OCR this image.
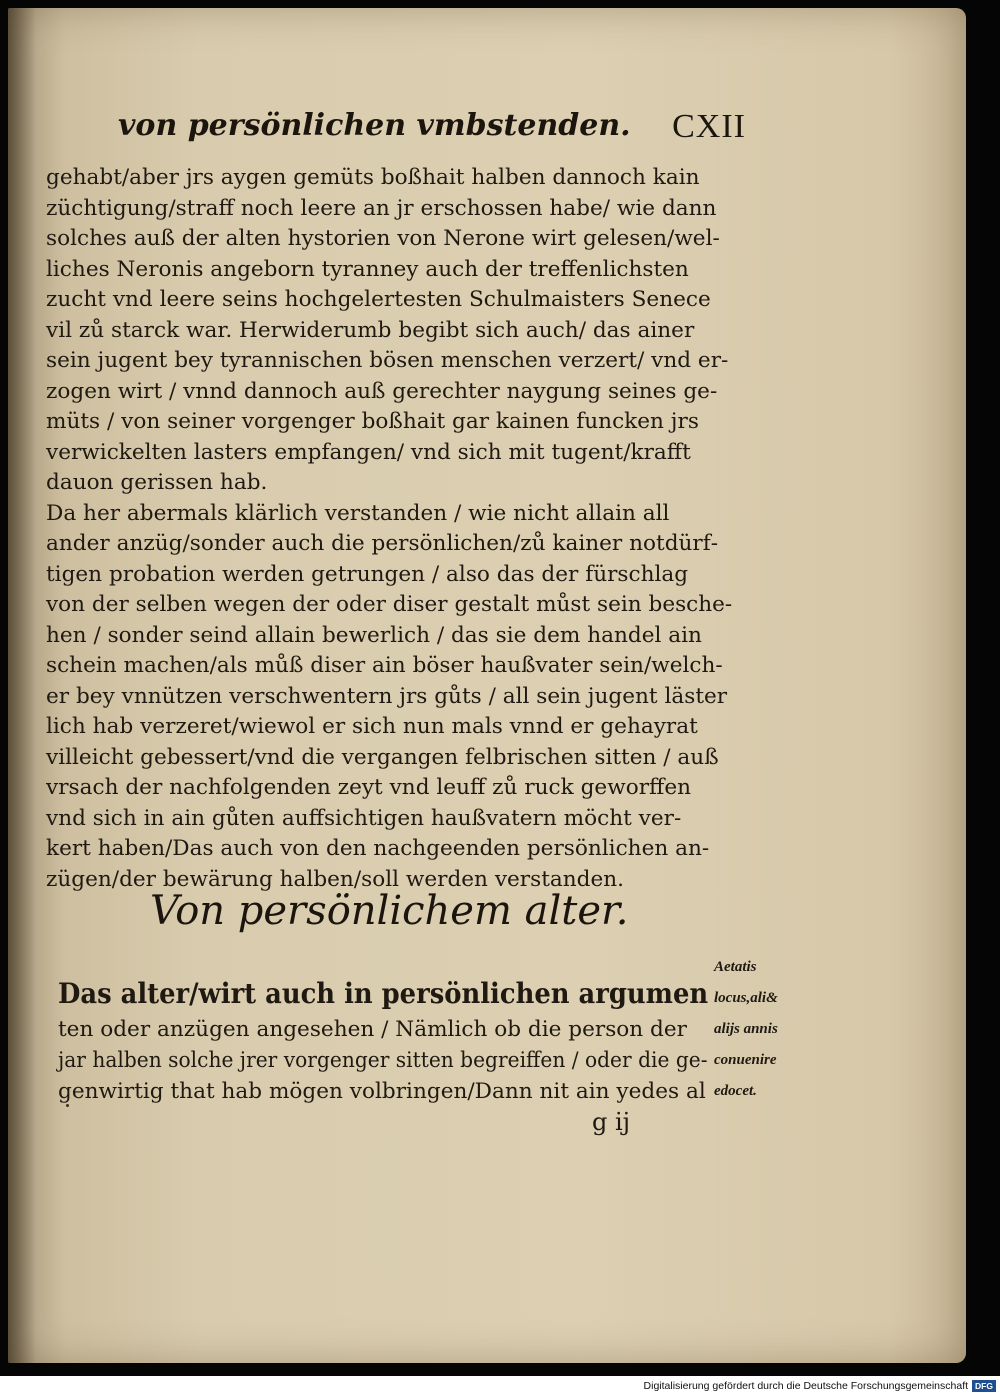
von persönlichen vmbstenden.	CXII
gehabt/aber jrs aygen gemüts boßhait halben dannoch kain
züchtigung/straff noch leere an jr erschossen habe/ wie dann
solches auß der alten hystorien von Nerone wirt gelesen/wel‑
liches Neronis angeborn tyranney auch der treffenlichsten
zucht vnd leere seins hochgelertesten Schulmaisters Senece
vil zů starck war. Herwiderumb begibt sich auch/ das ainer
sein jugent bey tyrannischen bösen menschen verzert/ vnd er‑
zogen wirt / vnnd dannoch auß gerechter naygung seines ge‑
müts / von seiner vorgenger boßhait gar kainen funcken jrs
verwickelten lasters empfangen/ vnd sich mit tugent/krafft
dauon gerissen hab.
Da her abermals klärlich verstanden / wie nicht allain all
ander anzüg/sonder auch die persönlichen/zů kainer notdürf‑
tigen probation werden getrungen / also das der fürschlag
von der selben wegen der oder diser gestalt můst sein besche‑
hen / sonder seind allain bewerlich / das sie dem handel ain
schein machen/als můß diser ain böser haußvater sein/welch‑
er bey vnnützen verschwentern jrs gůts / all sein jugent läster
lich hab verzeret/wiewol er sich nun mals vnnd er gehayrat
villeicht gebessert/vnd die vergangen felbrischen sitten / auß
vrsach der nachfolgenden zeyt vnd leuff zů ruck geworffen
vnd sich in ain gůten auffsichtigen haußvatern möcht ver‑
kert haben/Das auch von den nachgeenden persönlichen an‑
zügen/der bewärung halben/soll werden verstanden.
Von persönlichem alter.
Das alter/wirt auch in persönlichen argumen
ten oder anzügen angesehen / Nämlich ob die person der
jar halben solche jrer vorgenger sitten begreiffen / oder die ge‑
genwirtig that hab mögen volbringen/Dann nit ain yedes al
Aetatis
locus,ali&
alijs annis
conuenire
edocet.
g ij
Digitalisierung gefördert durch die Deutsche Forschungsgemeinschaft DFG
